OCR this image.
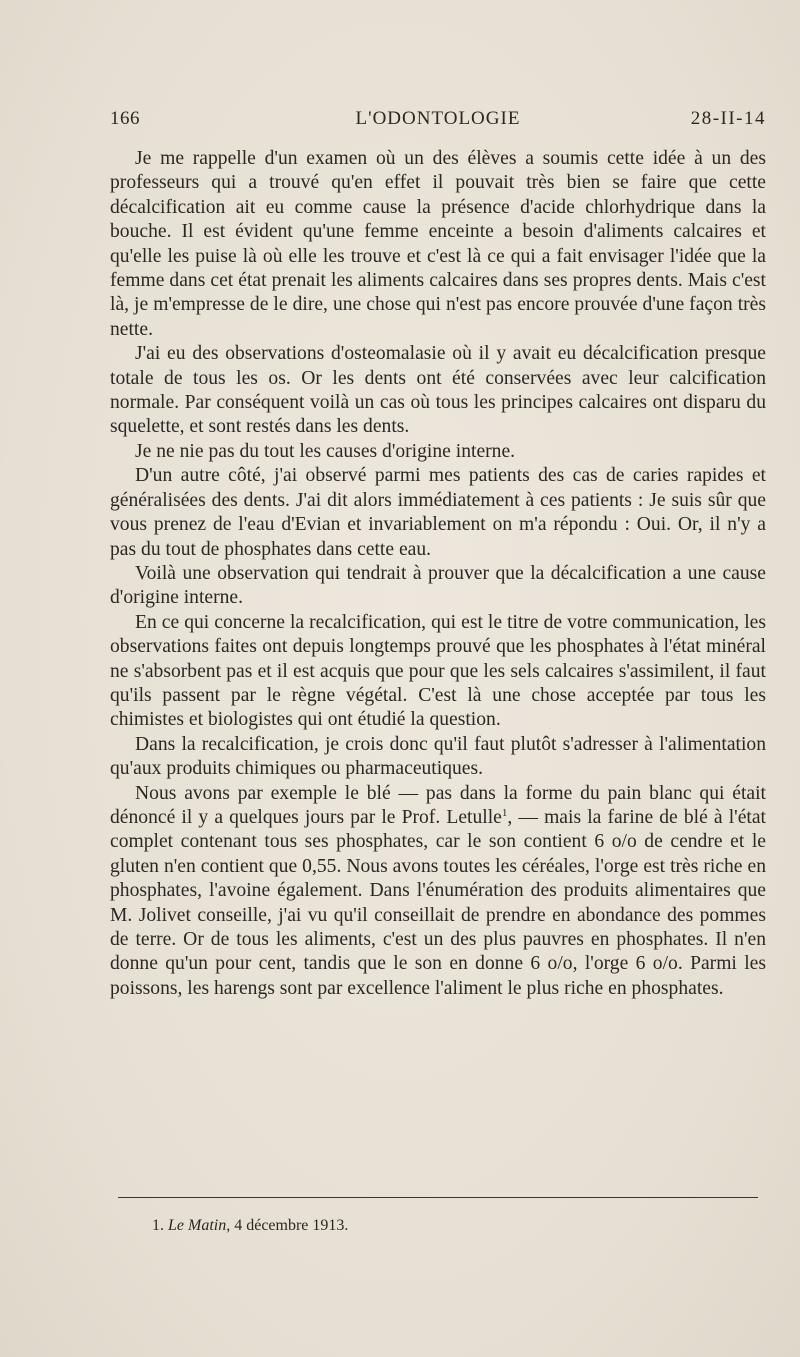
166	L'ODONTOLOGIE	28-II-14

Je me rappelle d'un examen où un des élèves a soumis cette idée à un des professeurs qui a trouvé qu'en effet il pouvait très bien se faire que cette décalcification ait eu comme cause la présence d'acide chlorhydrique dans la bouche. Il est évident qu'une femme enceinte a besoin d'aliments calcaires et qu'elle les puise là où elle les trouve et c'est là ce qui a fait envisager l'idée que la femme dans cet état prenait les aliments calcaires dans ses propres dents. Mais c'est là, je m'empresse de le dire, une chose qui n'est pas encore prouvée d'une façon très nette.

J'ai eu des observations d'osteomalasie où il y avait eu décalcification presque totale de tous les os. Or les dents ont été conservées avec leur calcification normale. Par conséquent voilà un cas où tous les principes calcaires ont disparu du squelette, et sont restés dans les dents.

Je ne nie pas du tout les causes d'origine interne.

D'un autre côté, j'ai observé parmi mes patients des cas de caries rapides et généralisées des dents. J'ai dit alors immédiatement à ces patients : Je suis sûr que vous prenez de l'eau d'Evian et invariablement on m'a répondu : Oui. Or, il n'y a pas du tout de phosphates dans cette eau.

Voilà une observation qui tendrait à prouver que la décalcification a une cause d'origine interne.

En ce qui concerne la recalcification, qui est le titre de votre communication, les observations faites ont depuis longtemps prouvé que les phosphates à l'état minéral ne s'absorbent pas et il est acquis que pour que les sels calcaires s'assimilent, il faut qu'ils passent par le règne végétal. C'est là une chose acceptée par tous les chimistes et biologistes qui ont étudié la question.

Dans la recalcification, je crois donc qu'il faut plutôt s'adresser à l'alimentation qu'aux produits chimiques ou pharmaceutiques.

Nous avons par exemple le blé — pas dans la forme du pain blanc qui était dénoncé il y a quelques jours par le Prof. Letulle$^1$, — mais la farine de blé à l'état complet contenant tous ses phosphates, car le son contient 6 o/o de cendre et le gluten n'en contient que 0,55. Nous avons toutes les céréales, l'orge est très riche en phosphates, l'avoine également. Dans l'énumération des produits alimentaires que M. Jolivet conseille, j'ai vu qu'il conseillait de prendre en abondance des pommes de terre. Or de tous les aliments, c'est un des plus pauvres en phosphates. Il n'en donne qu'un pour cent, tandis que le son en donne 6 o/o, l'orge 6 o/o. Parmi les poissons, les harengs sont par excellence l'aliment le plus riche en phosphates.

1. Le Matin, 4 décembre 1913.
